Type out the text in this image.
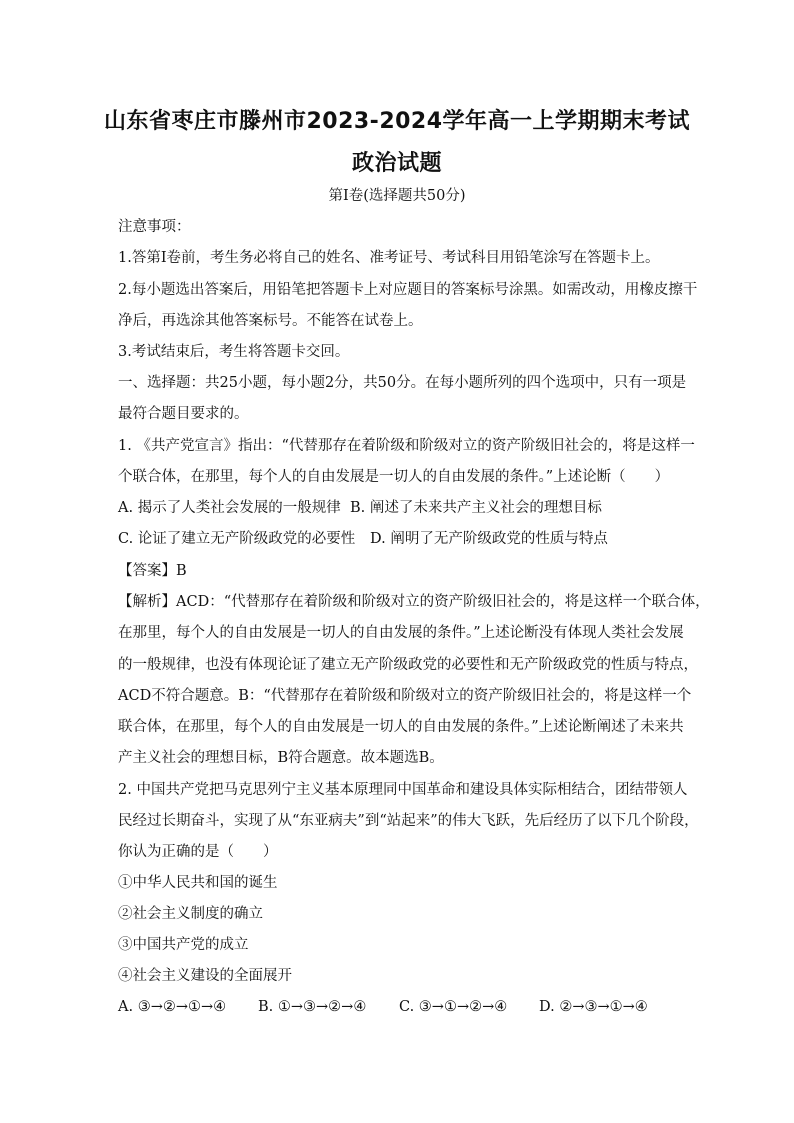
山东省枣庄市滕州市2023-2024学年高一上学期期末考试
政治试题
第Ⅰ卷(选择题共50分)
注意事项：
1.答第Ⅰ卷前，考生务必将自己的姓名、准考证号、考试科目用铅笔涂写在答题卡上。
2.每小题选出答案后，用铅笔把答题卡上对应题目的答案标号涂黑。如需改动，用橡皮擦干
净后，再选涂其他答案标号。不能答在试卷上。
3.考试结束后，考生将答题卡交回。
一、选择题：共25小题，每小题2分，共50分。在每小题所列的四个选项中，只有一项是
最符合题目要求的。
1. 《共产党宣言》指出：“代替那存在着阶级和阶级对立的资产阶级旧社会的，将是这样一
个联合体，在那里，每个人的自由发展是一切人的自由发展的条件。”上述论断（　　）
A. 揭示了人类社会发展的一般规律 B. 阐述了未来共产主义社会的理想目标
C. 论证了建立无产阶级政党的必要性 D. 阐明了无产阶级政党的性质与特点
【答案】B
【解析】ACD：“代替那存在着阶级和阶级对立的资产阶级旧社会的，将是这样一个联合体，
在那里，每个人的自由发展是一切人的自由发展的条件。”上述论断没有体现人类社会发展
的一般规律，也没有体现论证了建立无产阶级政党的必要性和无产阶级政党的性质与特点，
ACD不符合题意。B：“代替那存在着阶级和阶级对立的资产阶级旧社会的，将是这样一个
联合体，在那里，每个人的自由发展是一切人的自由发展的条件。”上述论断阐述了未来共
产主义社会的理想目标，B符合题意。故本题选B。
2. 中国共产党把马克思列宁主义基本原理同中国革命和建设具体实际相结合，团结带领人
民经过长期奋斗，实现了从“东亚病夫”到“站起来”的伟大飞跃，先后经历了以下几个阶段，
你认为正确的是（　　）
①中华人民共和国的诞生
②社会主义制度的确立
③中国共产党的成立
④社会主义建设的全面展开
A. ③→②→①→④ B. ①→③→②→④ C. ③→①→②→④ D. ②→③→①→④
